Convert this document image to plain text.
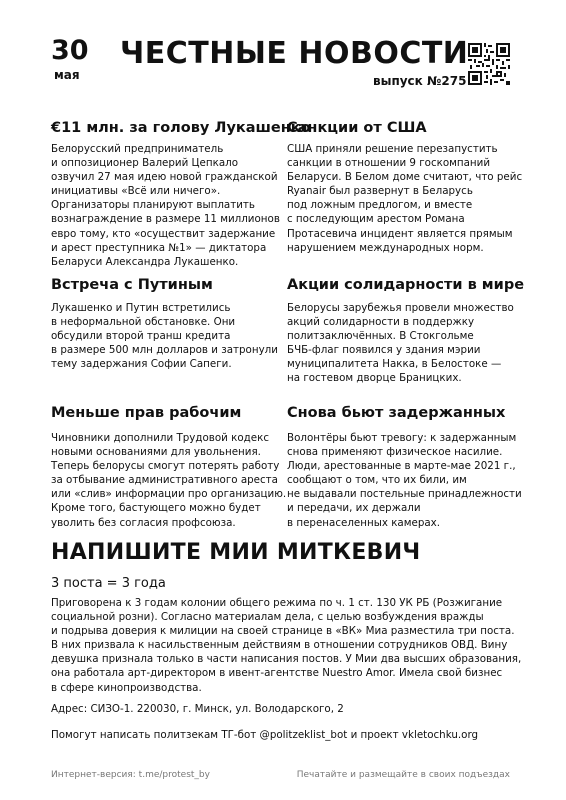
30
мая
ЧЕСТНЫЕ НОВОСТИ
выпуск №275
€11 млн. за голову Лукашенко
Белорусский предприниматель
и оппозиционер Валерий Цепкало
озвучил 27 мая идею новой гражданской
инициативы «Всё или ничего».
Организаторы планируют выплатить
вознаграждение в размере 11 миллионов
евро тому, кто «осуществит задержание
и арест преступника №1» — диктатора
Беларуси Александра Лукашенко.
Санкции от США
США приняли решение перезапустить
санкции в отношении 9 госкомпаний
Беларуси. В Белом доме считают, что рейс
Ryanair был развернут в Беларусь
под ложным предлогом, и вместе
с последующим арестом Романа
Протасевича инцидент является прямым
нарушением международных норм.
Встреча с Путиным
Лукашенко и Путин встретились
в неформальной обстановке. Они
обсудили второй транш кредита
в размере 500 млн долларов и затронули
тему задержания Софии Сапеги.
Акции солидарности в мире
Белорусы зарубежья провели множество
акций солидарности в поддержку
политзаключённых. В Стокгольме
БЧБ-флаг появился у здания мэрии
муниципалитета Накка, в Белостоке —
на гостевом дворце Браницких.
Меньше прав рабочим
Чиновники дополнили Трудовой кодекс
новыми основаниями для увольнения.
Теперь белорусы смогут потерять работу
за отбывание административного ареста
или «слив» информации про организацию.
Кроме того, бастующего можно будет
уволить без согласия профсоюза.
Снова бьют задержанных
Волонтёры бьют тревогу: к задержанным
снова применяют физическое насилие.
Люди, арестованные в марте-мае 2021 г.,
сообщают о том, что их били, им
не выдавали постельные принадлежности
и передачи, их держали
в перенаселенных камерах.
НАПИШИТЕ МИИ МИТКЕВИЧ
3 поста = 3 года
Приговорена к 3 годам колонии общего режима по ч. 1 ст. 130 УК РБ (Розжигание
социальной розни). Согласно материалам дела, с целью возбуждения вражды
и подрыва доверия к милиции на своей странице в «ВК» Миа разместила три поста.
В них призвала к насильственным действиям в отношении сотрудников ОВД. Вину
девушка признала только в части написания постов. У Мии два высших образования,
она работала арт-директором в ивент-агентстве Nuestro Amor. Имела свой бизнес
в сфере кинопроизводства.
Адрес: СИЗО-1. 220030, г. Минск, ул. Володарского, 2
Помогут написать политзекам ТГ-бот @politzeklist_bot и проект vkletochku.org
Интернет-версия: t.me/protest_by	Печатайте и размещайте в своих подъездах
